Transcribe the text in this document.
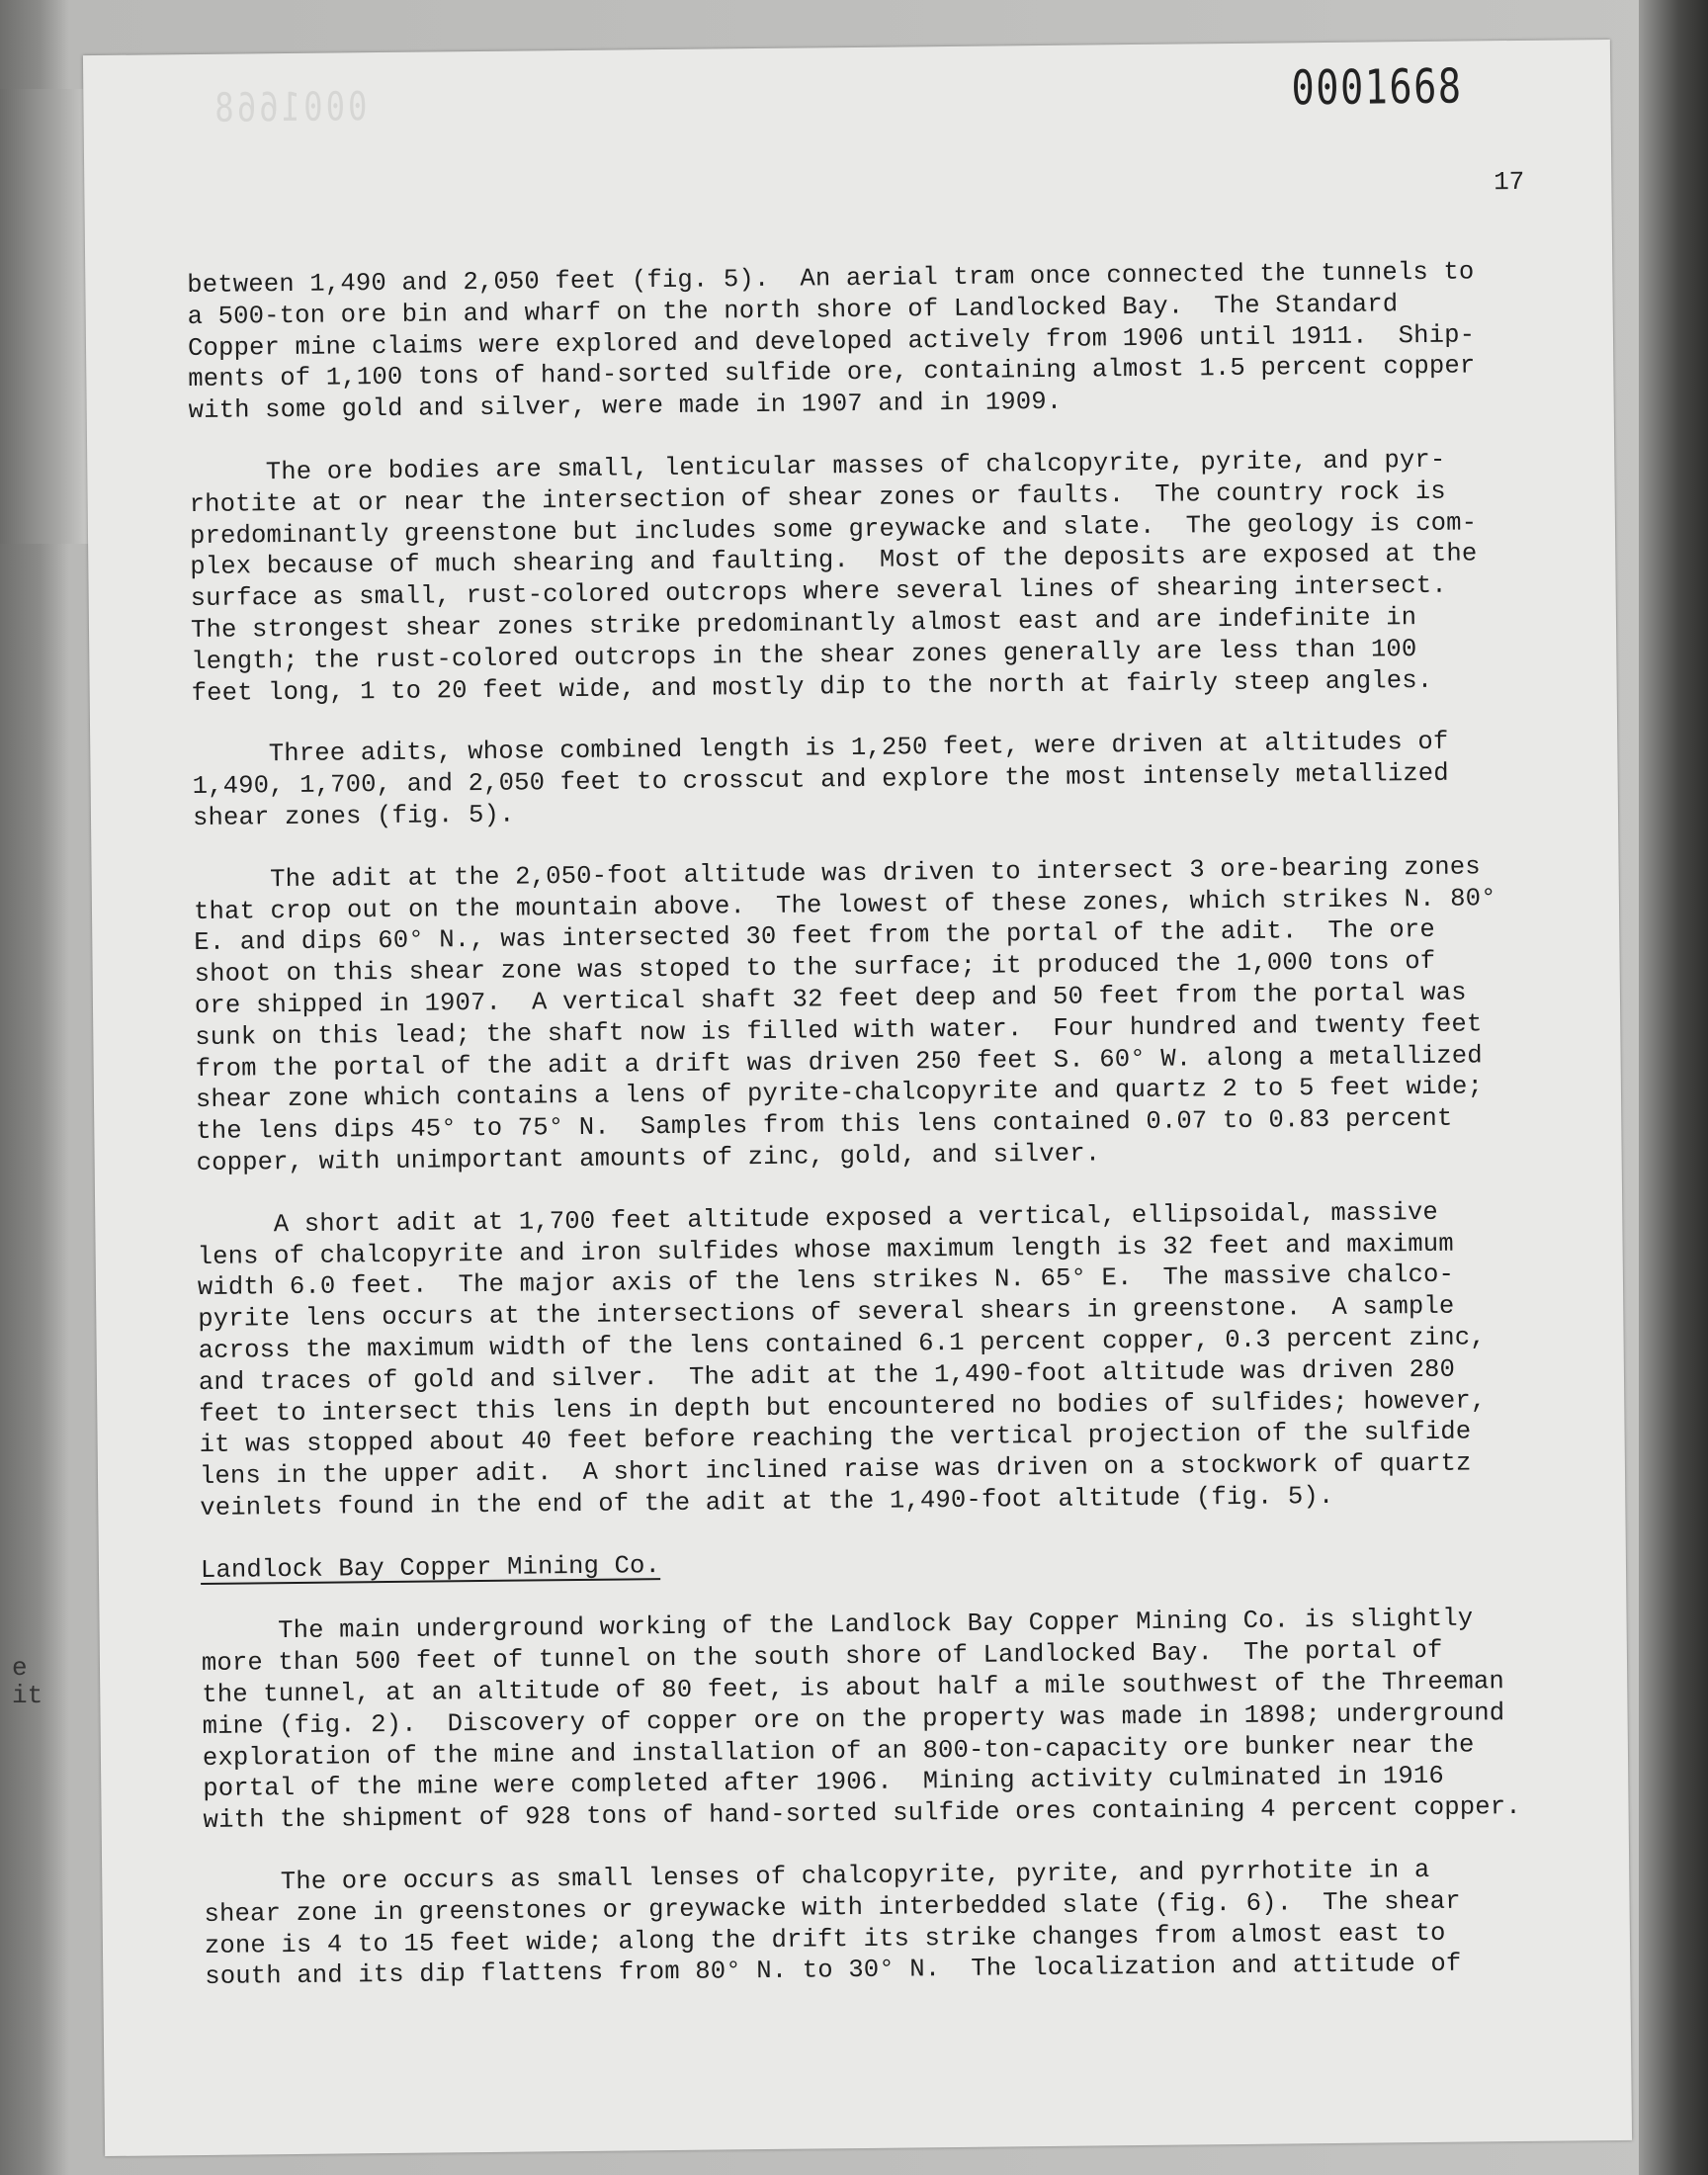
e
it
0001668	0001668
17
between 1,490 and 2,050 feet (fig. 5).  An aerial tram once connected the tunnels to
a 500-ton ore bin and wharf on the north shore of Landlocked Bay.  The Standard
Copper mine claims were explored and developed actively from 1906 until 1911.  Ship-
ments of 1,100 tons of hand-sorted sulfide ore, containing almost 1.5 percent copper
with some gold and silver, were made in 1907 and in 1909.
The ore bodies are small, lenticular masses of chalcopyrite, pyrite, and pyr-
rhotite at or near the intersection of shear zones or faults.  The country rock is
predominantly greenstone but includes some greywacke and slate.  The geology is com-
plex because of much shearing and faulting.  Most of the deposits are exposed at the
surface as small, rust-colored outcrops where several lines of shearing intersect.
The strongest shear zones strike predominantly almost east and are indefinite in
length; the rust-colored outcrops in the shear zones generally are less than 100
feet long, 1 to 20 feet wide, and mostly dip to the north at fairly steep angles.
Three adits, whose combined length is 1,250 feet, were driven at altitudes of
1,490, 1,700, and 2,050 feet to crosscut and explore the most intensely metallized
shear zones (fig. 5).
The adit at the 2,050-foot altitude was driven to intersect 3 ore-bearing zones
that crop out on the mountain above.  The lowest of these zones, which strikes N. 80°
E. and dips 60° N., was intersected 30 feet from the portal of the adit.  The ore
shoot on this shear zone was stoped to the surface; it produced the 1,000 tons of
ore shipped in 1907.  A vertical shaft 32 feet deep and 50 feet from the portal was
sunk on this lead; the shaft now is filled with water.  Four hundred and twenty feet
from the portal of the adit a drift was driven 250 feet S. 60° W. along a metallized
shear zone which contains a lens of pyrite-chalcopyrite and quartz 2 to 5 feet wide;
the lens dips 45° to 75° N.  Samples from this lens contained 0.07 to 0.83 percent
copper, with unimportant amounts of zinc, gold, and silver.
A short adit at 1,700 feet altitude exposed a vertical, ellipsoidal, massive
lens of chalcopyrite and iron sulfides whose maximum length is 32 feet and maximum
width 6.0 feet.  The major axis of the lens strikes N. 65° E.  The massive chalco-
pyrite lens occurs at the intersections of several shears in greenstone.  A sample
across the maximum width of the lens contained 6.1 percent copper, 0.3 percent zinc,
and traces of gold and silver.  The adit at the 1,490-foot altitude was driven 280
feet to intersect this lens in depth but encountered no bodies of sulfides; however,
it was stopped about 40 feet before reaching the vertical projection of the sulfide
lens in the upper adit.  A short inclined raise was driven on a stockwork of quartz
veinlets found in the end of the adit at the 1,490-foot altitude (fig. 5).
Landlock Bay Copper Mining Co.
The main underground working of the Landlock Bay Copper Mining Co. is slightly
more than 500 feet of tunnel on the south shore of Landlocked Bay.  The portal of
the tunnel, at an altitude of 80 feet, is about half a mile southwest of the Threeman
mine (fig. 2).  Discovery of copper ore on the property was made in 1898; underground
exploration of the mine and installation of an 800-ton-capacity ore bunker near the
portal of the mine were completed after 1906.  Mining activity culminated in 1916
with the shipment of 928 tons of hand-sorted sulfide ores containing 4 percent copper.
The ore occurs as small lenses of chalcopyrite, pyrite, and pyrrhotite in a
shear zone in greenstones or greywacke with interbedded slate (fig. 6).  The shear
zone is 4 to 15 feet wide; along the drift its strike changes from almost east to
south and its dip flattens from 80° N. to 30° N.  The localization and attitude of
